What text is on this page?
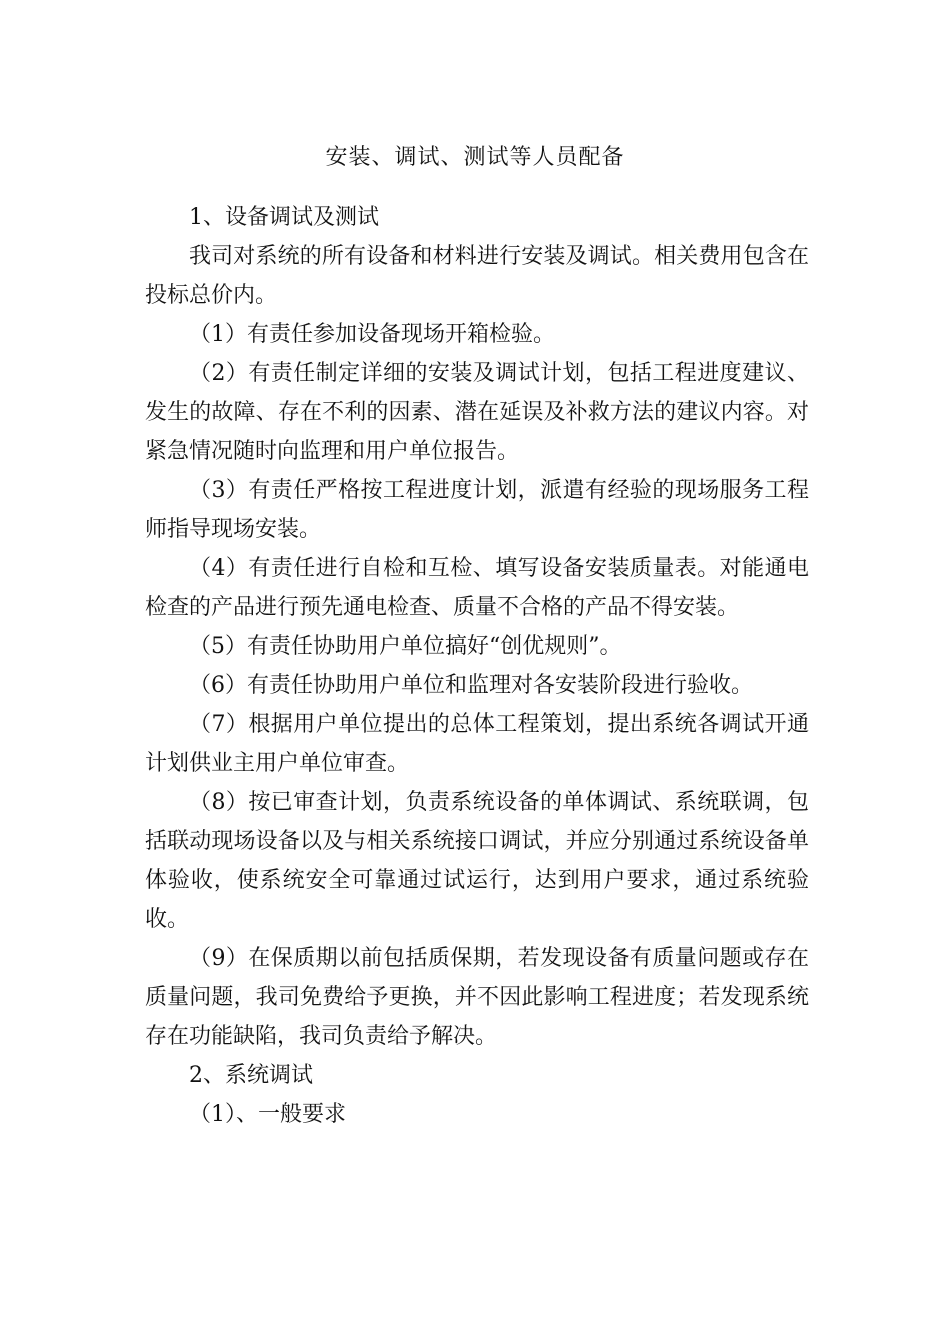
安装、调试、测试等人员配备

1、设备调试及测试

我司对系统的所有设备和材料进行安装及调试。相关费用包含在投标总价内。

（1）有责任参加设备现场开箱检验。

（2）有责任制定详细的安装及调试计划，包括工程进度建议、发生的故障、存在不利的因素、潜在延误及补救方法的建议内容。对紧急情况随时向监理和用户单位报告。

（3）有责任严格按工程进度计划，派遣有经验的现场服务工程师指导现场安装。

（4）有责任进行自检和互检、填写设备安装质量表。对能通电检查的产品进行预先通电检查、质量不合格的产品不得安装。

（5）有责任协助用户单位搞好“创优规则”。

（6）有责任协助用户单位和监理对各安装阶段进行验收。

（7）根据用户单位提出的总体工程策划，提出系统各调试开通计划供业主用户单位审查。

（8）按已审查计划，负责系统设备的单体调试、系统联调，包括联动现场设备以及与相关系统接口调试，并应分别通过系统设备单体验收，使系统安全可靠通过试运行，达到用户要求，通过系统验收。

（9）在保质期以前包括质保期，若发现设备有质量问题或存在质量问题，我司免费给予更换，并不因此影响工程进度；若发现系统存在功能缺陷，我司负责给予解决。

2、系统调试

（1）、一般要求
